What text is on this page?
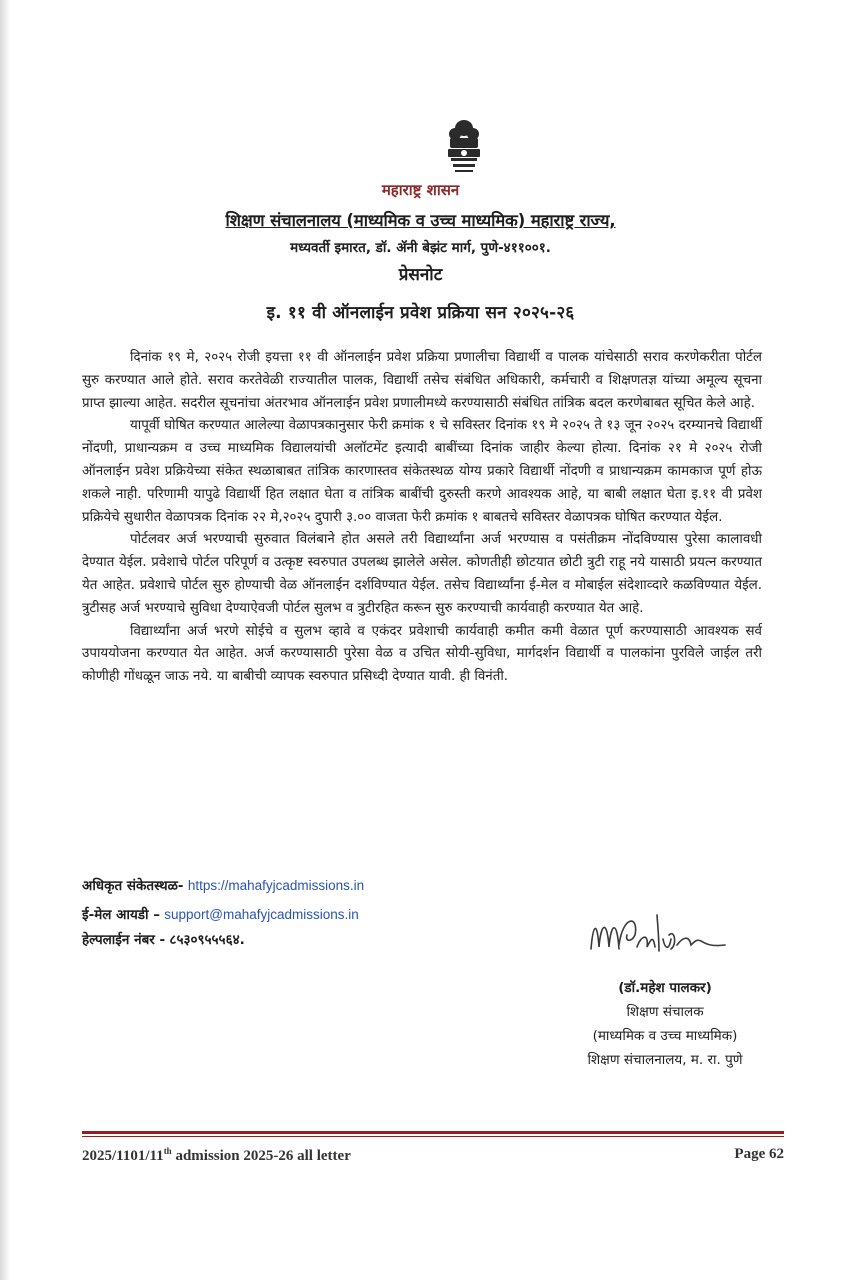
महाराष्ट्र शासन
शिक्षण संचालनालय (माध्यमिक व उच्च माध्यमिक) महाराष्ट्र राज्य,
मध्यवर्ती इमारत, डॉ. ॲनी बेझंट मार्ग, पुणे-४११००१.
प्रेसनोट
इ. ११ वी ऑनलाईन प्रवेश प्रक्रिया सन २०२५-२६

दिनांक १९ मे, २०२५ रोजी इयत्ता ११ वी ऑनलाईन प्रवेश प्रक्रिया प्रणालीचा विद्यार्थी व पालक यांचेसाठी सराव करणेकरीता पोर्टल सुरु करण्यात आले होते. सराव करतेवेळी राज्यातील पालक, विद्यार्थी तसेच संबंधित अधिकारी, कर्मचारी व शिक्षणतज्ञ यांच्या अमूल्य सूचना प्राप्त झाल्या आहेत. सदरील सूचनांचा अंतरभाव ऑनलाईन प्रवेश प्रणालीमध्ये करण्यासाठी संबंधित तांत्रिक बदल करणेबाबत सूचित केले आहे.

यापूर्वी घोषित करण्यात आलेल्या वेळापत्रकानुसार फेरी क्रमांक १ चे सविस्तर दिनांक १९ मे २०२५ ते १३ जून २०२५ दरम्यानचे विद्यार्थी नोंदणी, प्राधान्यक्रम व उच्च माध्यमिक विद्यालयांची अलॉटमेंट इत्यादी बाबींच्या दिनांक जाहीर केल्या होत्या. दिनांक २१ मे २०२५ रोजी ऑनलाईन प्रवेश प्रक्रियेच्या संकेत स्थळाबाबत तांत्रिक कारणास्तव संकेतस्थळ योग्य प्रकारे विद्यार्थी नोंदणी व प्राधान्यक्रम कामकाज पूर्ण होऊ शकले नाही. परिणामी यापुढे विद्यार्थी हित लक्षात घेता व तांत्रिक बाबींची दुरुस्ती करणे आवश्यक आहे, या बाबी लक्षात घेता इ.११ वी प्रवेश प्रक्रियेचे सुधारीत वेळापत्रक दिनांक २२ मे,२०२५ दुपारी ३.०० वाजता फेरी क्रमांक १ बाबतचे सविस्तर वेळापत्रक घोषित करण्यात येईल.

पोर्टलवर अर्ज भरण्याची सुरुवात विलंबाने होत असले तरी विद्यार्थ्यांना अर्ज भरण्यास व पसंतीक्रम नोंदविण्यास पुरेसा कालावधी देण्यात येईल. प्रवेशाचे पोर्टल परिपूर्ण व उत्कृष्ट स्वरुपात उपलब्ध झालेले असेल. कोणतीही छोटयात छोटी त्रुटी राहू नये यासाठी प्रयत्न करण्यात येत आहेत. प्रवेशाचे पोर्टल सुरु होण्याची वेळ ऑनलाईन दर्शविण्यात येईल. तसेच विद्यार्थ्यांना ई-मेल व मोबाईल संदेशाव्दारे कळविण्यात येईल. त्रुटीसह अर्ज भरण्याचे सुविधा देण्याऐवजी पोर्टल सुलभ व त्रुटीरहित करून सुरु करण्याची कार्यवाही करण्यात येत आहे.

विद्यार्थ्यांना अर्ज भरणे सोईचे व सुलभ व्हावे व एकंदर प्रवेशाची कार्यवाही कमीत कमी वेळात पूर्ण करण्यासाठी आवश्यक सर्व उपाययोजना करण्यात येत आहेत. अर्ज करण्यासाठी पुरेसा वेळ व उचित सोयी-सुविधा, मार्गदर्शन विद्यार्थी व पालकांना पुरविले जाईल तरी कोणीही गोंधळून जाऊ नये. या बाबीची व्यापक स्वरुपात प्रसिध्दी देण्यात यावी. ही विनंती.

अधिकृत संकेतस्थळ- https://mahafyjcadmissions.in
ई-मेल आयडी – support@mahafyjcadmissions.in
हेल्पलाईन नंबर - ८५३०९५५५६४.
(डॉ.महेश पालकर)
शिक्षण संचालक
(माध्यमिक व उच्च माध्यमिक)
शिक्षण संचालनालय, म. रा. पुणे
2025/1101/11th admission 2025-26 all letter	Page 62
